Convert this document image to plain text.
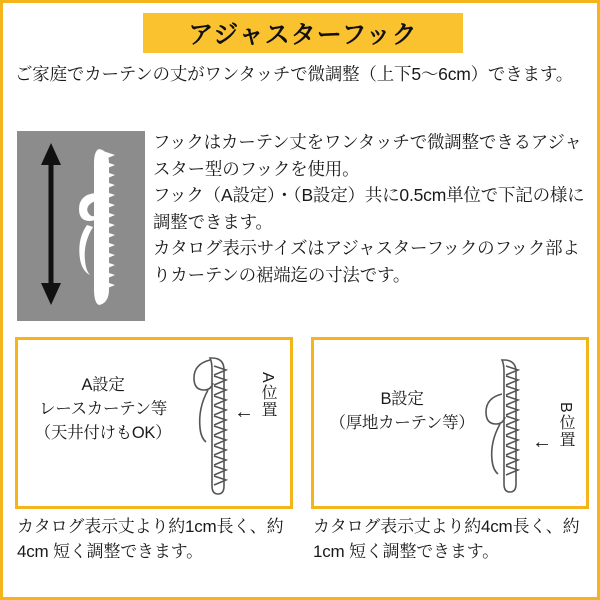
アジャスターフック
ご家庭でカーテンの丈がワンタッチで微調整（上下5〜6cm）できます。

フックはカーテン丈をワンタッチで微調整できるアジャスター型のフックを使用。

フック（A設定）・（B設定）共に0.5cm単位で下記の様に調整できます。

カタログ表示サイズはアジャスターフックのフック部よりカーテンの裾端迄の寸法です。

A設定
レースカーテン等
（天井付けもOK）
← A位置	B設定
（厚地カーテン等）
← B位置
カタログ表示丈より約1cm長く、約4cm 短く調整できます。
カタログ表示丈より約4cm長く、約1cm 短く調整できます。
